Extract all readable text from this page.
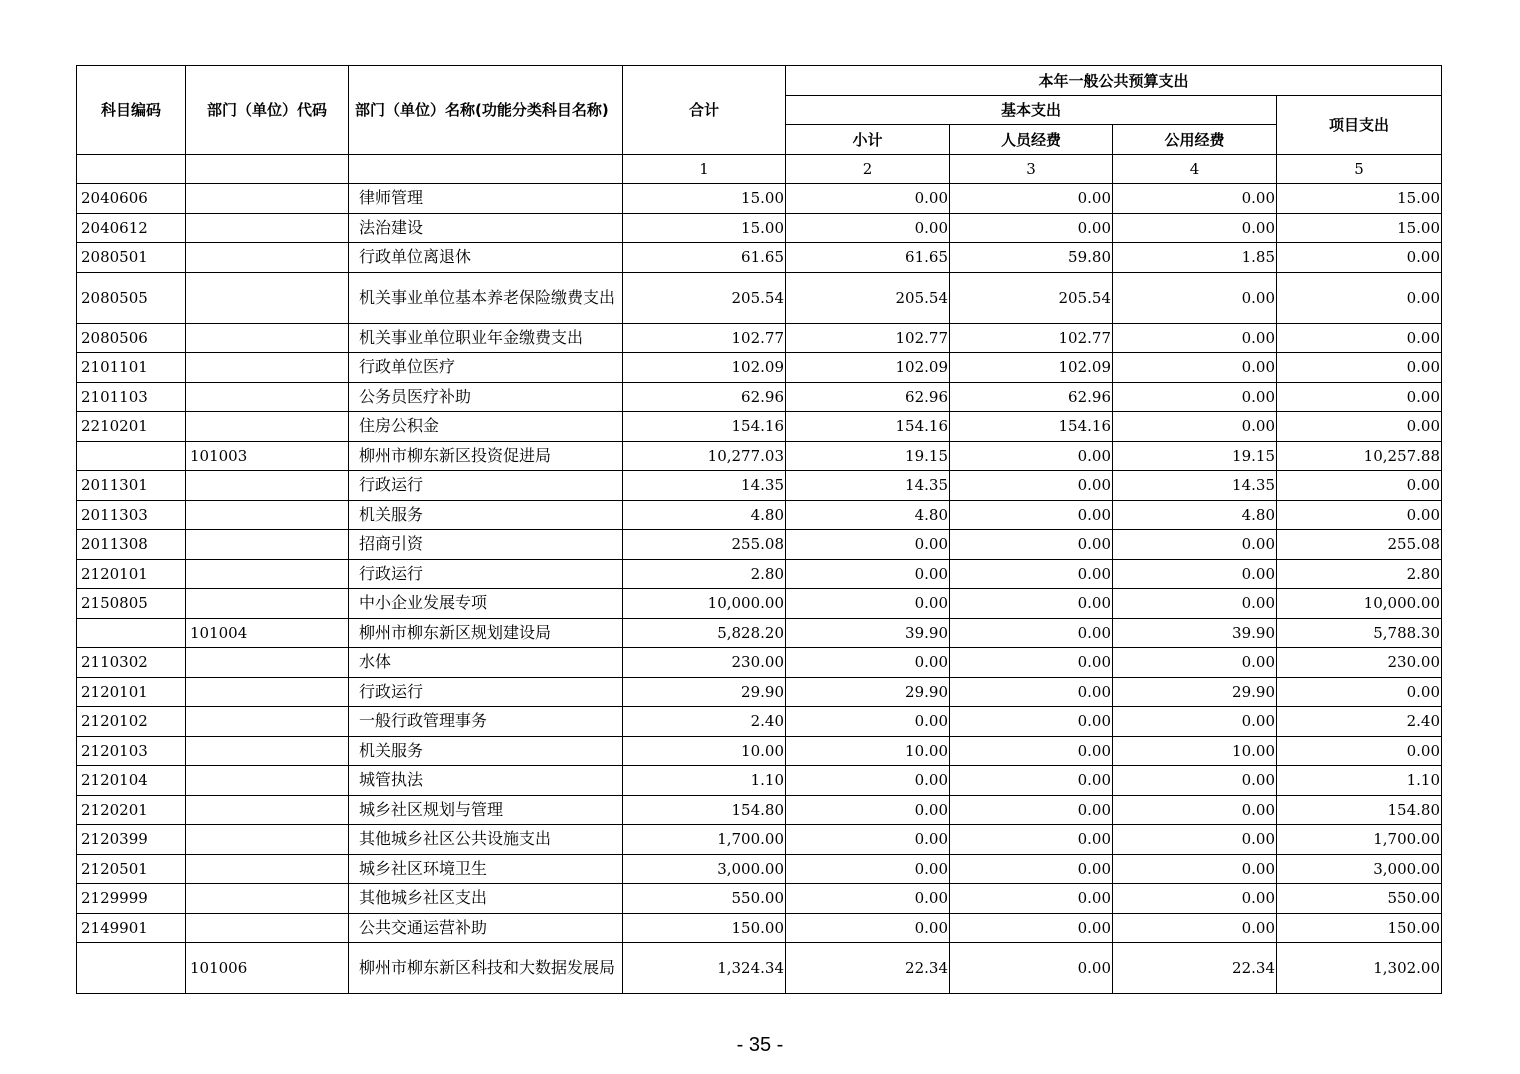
科目编码	部门（单位）代码	部门（单位）名称(功能分类科目名称)	合计	本年一般公共预算支出			
				基本支出			项目支出
				小计	人员经费	公用经费	
			1	2	3	4	5
2040606		律师管理	15.00	0.00	0.00	0.00	15.00
2040612		法治建设	15.00	0.00	0.00	0.00	15.00
2080501		行政单位离退休	61.65	61.65	59.80	1.85	0.00
2080505		机关事业单位基本养老保险缴费支出	205.54	205.54	205.54	0.00	0.00
2080506		机关事业单位职业年金缴费支出	102.77	102.77	102.77	0.00	0.00
2101101		行政单位医疗	102.09	102.09	102.09	0.00	0.00
2101103		公务员医疗补助	62.96	62.96	62.96	0.00	0.00
2210201		住房公积金	154.16	154.16	154.16	0.00	0.00
	101003	柳州市柳东新区投资促进局	10,277.03	19.15	0.00	19.15	10,257.88
2011301		行政运行	14.35	14.35	0.00	14.35	0.00
2011303		机关服务	4.80	4.80	0.00	4.80	0.00
2011308		招商引资	255.08	0.00	0.00	0.00	255.08
2120101		行政运行	2.80	0.00	0.00	0.00	2.80
2150805		中小企业发展专项	10,000.00	0.00	0.00	0.00	10,000.00
	101004	柳州市柳东新区规划建设局	5,828.20	39.90	0.00	39.90	5,788.30
2110302		水体	230.00	0.00	0.00	0.00	230.00
2120101		行政运行	29.90	29.90	0.00	29.90	0.00
2120102		一般行政管理事务	2.40	0.00	0.00	0.00	2.40
2120103		机关服务	10.00	10.00	0.00	10.00	0.00
2120104		城管执法	1.10	0.00	0.00	0.00	1.10
2120201		城乡社区规划与管理	154.80	0.00	0.00	0.00	154.80
2120399		其他城乡社区公共设施支出	1,700.00	0.00	0.00	0.00	1,700.00
2120501		城乡社区环境卫生	3,000.00	0.00	0.00	0.00	3,000.00
2129999		其他城乡社区支出	550.00	0.00	0.00	0.00	550.00
2149901		公共交通运营补助	150.00	0.00	0.00	0.00	150.00
	101006	柳州市柳东新区科技和大数据发展局	1,324.34	22.34	0.00	22.34	1,302.00
- 35 -
